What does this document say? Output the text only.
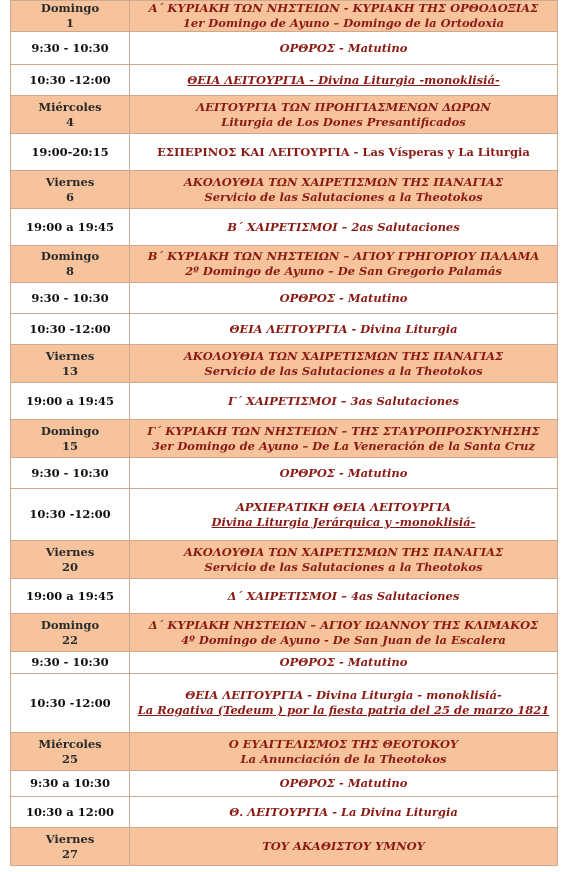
Domingo
1	A΄ ΚΥΡΙΑΚΗ ΤΩΝ ΝΗΣΤΕΙΩΝ - ΚΥΡΙΑΚΗ ΤΗΣ ΟΡΘΟΔΟΞΙΑΣ
1er Domingo de Ayuno – Domingo de la Ortodoxia

9:30 - 10:30	ΟΡΘΡΟΣ - Matutino

10:30 -12:00	ΘΕΙΑ ΛΕΙΤΟΥΡΓΙΑ - Divina Liturgia -monoklisiá-

Miércoles
4	ΛΕΙΤΟΥΡΓΙΑ ΤΩΝ ΠΡΟΗΓΙΑΣΜΕΝΩΝ ΔΩΡΩΝ
Liturgia de Los Dones Presantificados

19:00-20:15	ΕΣΠΕΡΙΝΟΣ ΚΑΙ ΛΕΙΤΟΥΡΓΙΑ - Las Vísperas y La Liturgia

Viernes
6	ΑΚΟΛΟΥΘΙΑ ΤΩΝ ΧΑΙΡΕΤΙΣΜΩΝ ΤΗΣ ΠΑΝΑΓΙΑΣ
Servicio de las Salutaciones a la Theotokos

19:00 a 19:45	Β΄ ΧΑΙΡΕΤΙΣΜΟΙ – 2as Salutaciones

Domingo
8	Β΄ ΚΥΡΙΑΚΗ ΤΩΝ ΝΗΣΤΕΙΩΝ – ΑΓΙΟΥ ΓΡΗΓΟΡΙΟΥ ΠΑΛΑΜΑ
2º Domingo de Ayuno – De San Gregorio Palamás

9:30 - 10:30	ΟΡΘΡΟΣ - Matutino

10:30 -12:00	ΘΕΙΑ ΛΕΙΤΟΥΡΓΙΑ - Divina Liturgia

Viernes
13	ΑΚΟΛΟΥΘΙΑ ΤΩΝ ΧΑΙΡΕΤΙΣΜΩΝ ΤΗΣ ΠΑΝΑΓΙΑΣ
Servicio de las Salutaciones a la Theotokos

19:00 a 19:45	Γ΄ ΧΑΙΡΕΤΙΣΜΟΙ – 3as Salutaciones

Domingo
15	Γ΄ ΚΥΡΙΑΚΗ ΤΩΝ ΝΗΣΤΕΙΩΝ – ΤΗΣ ΣΤΑΥΡΟΠΡΟΣΚΥΝΗΣΗΣ
3er Domingo de Ayuno – De La Veneración de la Santa Cruz

9:30 - 10:30	ΟΡΘΡΟΣ - Matutino

10:30 -12:00	ΑΡΧΙΕΡΑΤΙΚΗ ΘΕΙΑ ΛΕΙΤΟΥΡΓΙΑ
Divina Liturgia Jerárquica y -monoklisiá-

Viernes
20	ΑΚΟΛΟΥΘΙΑ ΤΩΝ ΧΑΙΡΕΤΙΣΜΩΝ ΤΗΣ ΠΑΝΑΓΙΑΣ
Servicio de las Salutaciones a la Theotokos

19:00 a 19:45	Δ΄ ΧΑΙΡΕΤΙΣΜΟΙ – 4as Salutaciones

Domingo
22	Δ΄ ΚΥΡΙΑΚΗ ΝΗΣΤΕΙΩΝ – ΑΓΙΟΥ ΙΩΑΝΝΟΥ ΤΗΣ ΚΛΙΜΑΚΟΣ
4º Domingo de Ayuno - De San Juan de la Escalera

9:30 - 10:30	ΟΡΘΡΟΣ - Matutino

10:30 -12:00	ΘΕΙΑ ΛΕΙΤΟΥΡΓΙΑ - Divina Liturgia - monoklisiá-
La Rogativa (Tedeum ) por la fiesta patria del 25 de marzo 1821

Miércoles
25	Ο ΕΥΑΓΓΕΛΙΣΜΟΣ ΤΗΣ ΘΕΟΤΟΚΟΥ
La Anunciación de la Theotokos

9:30 a 10:30	ΟΡΘΡΟΣ - Matutino

10:30 a 12:00	Θ. ΛΕΙΤΟΥΡΓΙΑ - La Divina Liturgia

Viernes
27	ΤΟΥ ΑΚΑΘΙΣΤΟΥ ΥΜΝΟΥ
